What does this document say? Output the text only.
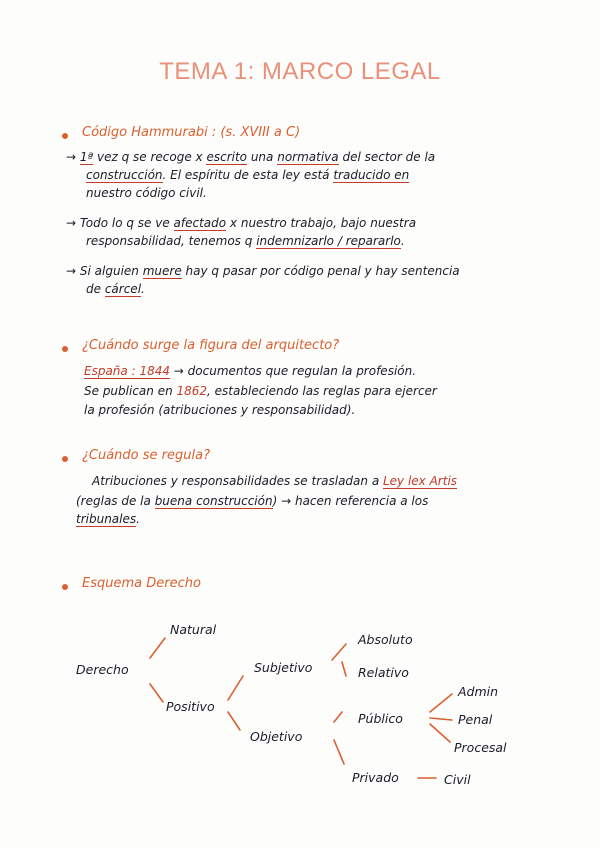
TEMA 1: MARCO LEGAL
Código Hammurabi : (s. XVIII a C)
→ 1ª vez q se recoge x escrito una normativa del sector de la
construcción. El espíritu de esta ley está traducido en
nuestro código civil.
→ Todo lo q se ve afectado x nuestro trabajo, bajo nuestra
responsabilidad, tenemos q indemnizarlo / repararlo.
→ Si alguien muere hay q pasar por código penal y hay sentencia
de cárcel.
¿Cuándo surge la figura del arquitecto?
España : 1844 → documentos que regulan la profesión.
Se publican en 1862, estableciendo las reglas para ejercer
la profesión (atribuciones y responsabilidad).
¿Cuándo se regula?
Atribuciones y responsabilidades se trasladan a Ley lex Artis
(reglas de la buena construcción) → hacen referencia a los
tribunales.
Esquema Derecho
Derecho
Natural
Positivo
Subjetivo
Objetivo
Absoluto
Relativo
Público
Privado
Admin
Penal
Procesal
Civil
